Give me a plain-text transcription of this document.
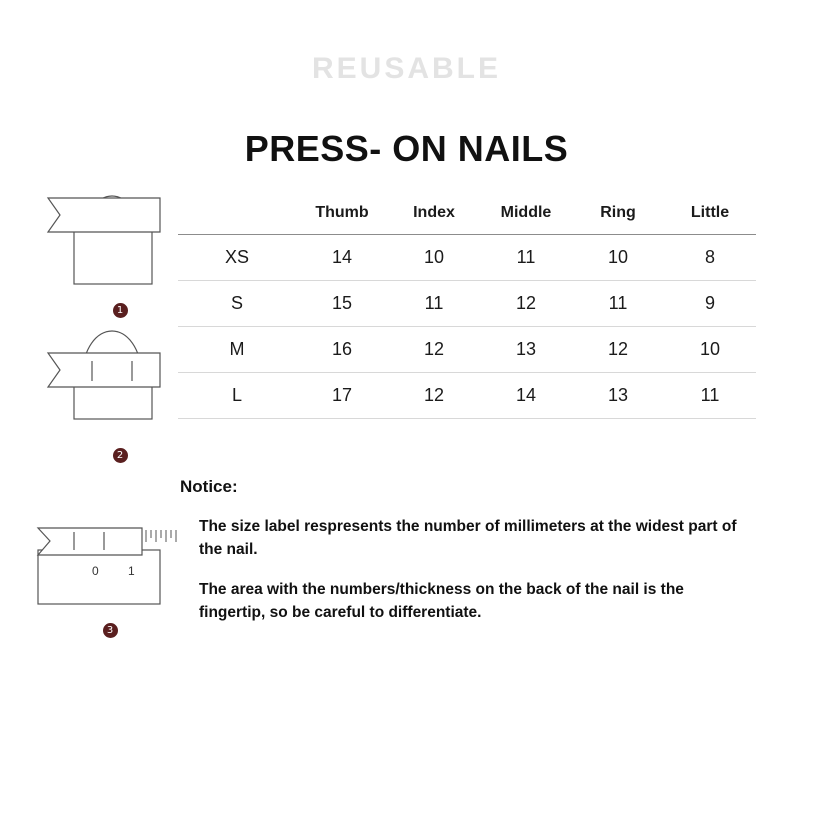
REUSABLE
PRESS- ON NAILS
1
2
0 1
3
	Thumb	Index	Middle	Ring	Little
XS	14	10	11	10	8
S	15	11	12	11	9
M	16	12	13	12	10
L	17	12	14	13	11
Notice:
The size label respresents the number of millimeters at the widest part of the nail.
The area with the numbers/thickness on the back of the nail is the fingertip, so be careful to differentiate.
